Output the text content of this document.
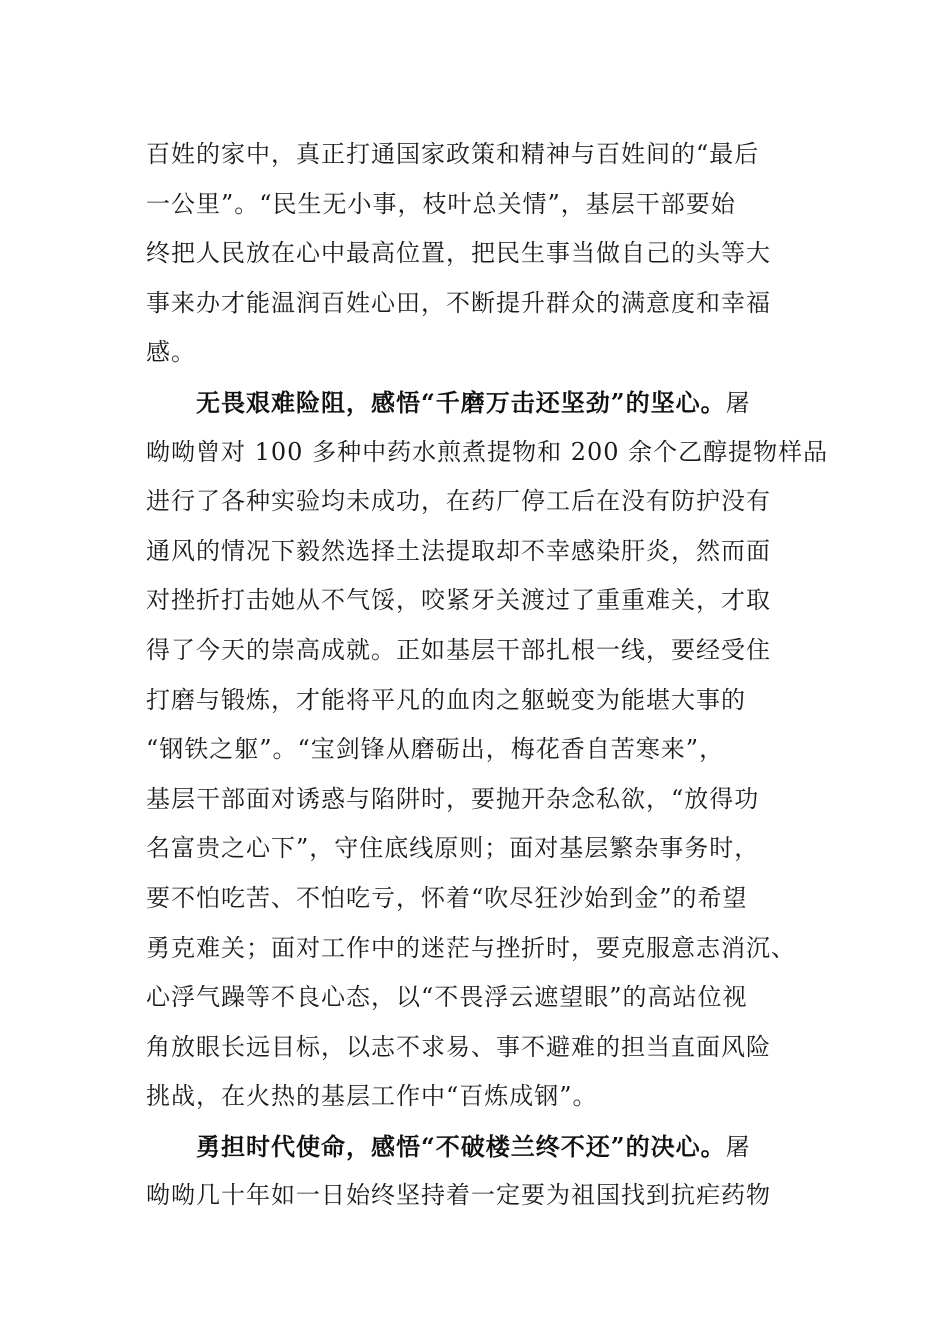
百姓的家中，真正打通国家政策和精神与百姓间的“最后
一公里”。“民生无小事，枝叶总关情”，基层干部要始
终把人民放在心中最高位置，把民生事当做自己的头等大
事来办才能温润百姓心田，不断提升群众的满意度和幸福
感。
无畏艰难险阻，感悟“千磨万击还坚劲”的坚心。屠
呦呦曾对 100 多种中药水煎煮提物和 200 余个乙醇提物样品
进行了各种实验均未成功，在药厂停工后在没有防护没有
通风的情况下毅然选择土法提取却不幸感染肝炎，然而面
对挫折打击她从不气馁，咬紧牙关渡过了重重难关，才取
得了今天的崇高成就。正如基层干部扎根一线，要经受住
打磨与锻炼，才能将平凡的血肉之躯蜕变为能堪大事的
“钢铁之躯”。“宝剑锋从磨砺出，梅花香自苦寒来”，
基层干部面对诱惑与陷阱时，要抛开杂念私欲，“放得功
名富贵之心下”，守住底线原则；面对基层繁杂事务时，
要不怕吃苦、不怕吃亏，怀着“吹尽狂沙始到金”的希望
勇克难关；面对工作中的迷茫与挫折时，要克服意志消沉、
心浮气躁等不良心态，以“不畏浮云遮望眼”的高站位视
角放眼长远目标，以志不求易、事不避难的担当直面风险
挑战，在火热的基层工作中“百炼成钢”。
勇担时代使命，感悟“不破楼兰终不还”的决心。屠
呦呦几十年如一日始终坚持着一定要为祖国找到抗疟药物
